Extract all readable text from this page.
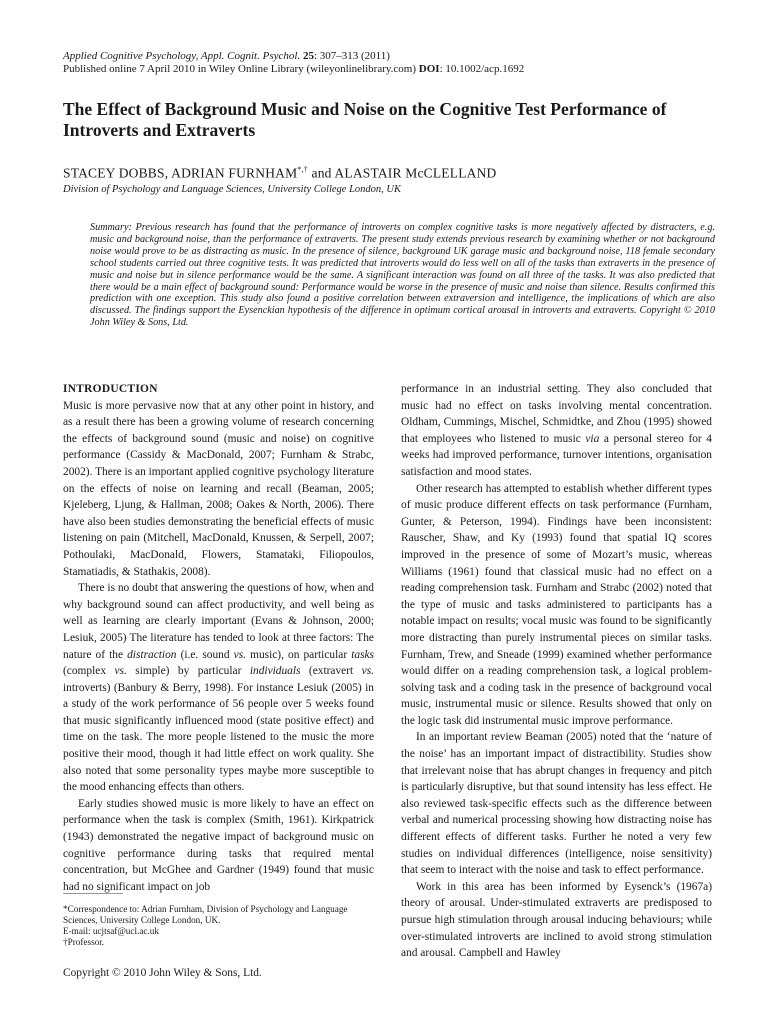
Applied Cognitive Psychology, Appl. Cognit. Psychol. 25: 307–313 (2011)
Published online 7 April 2010 in Wiley Online Library (wileyonlinelibrary.com) DOI: 10.1002/acp.1692
The Effect of Background Music and Noise on the Cognitive Test Performance of Introverts and Extraverts
STACEY DOBBS, ADRIAN FURNHAM*,† and ALASTAIR McCLELLAND
Division of Psychology and Language Sciences, University College London, UK
Summary: Previous research has found that the performance of introverts on complex cognitive tasks is more negatively affected by distracters, e.g. music and background noise, than the performance of extraverts. The present study extends previous research by examining whether or not background noise would prove to be as distracting as music. In the presence of silence, background UK garage music and background noise, 118 female secondary school students carried out three cognitive tests. It was predicted that introverts would do less well on all of the tasks than extraverts in the presence of music and noise but in silence performance would be the same. A significant interaction was found on all three of the tasks. It was also predicted that there would be a main effect of background sound: Performance would be worse in the presence of music and noise than silence. Results confirmed this prediction with one exception. This study also found a positive correlation between extraversion and intelligence, the implications of which are also discussed. The findings support the Eysenckian hypothesis of the difference in optimum cortical arousal in introverts and extraverts. Copyright © 2010 John Wiley & Sons, Ltd.

INTRODUCTION

Music is more pervasive now that at any other point in history, and as a result there has been a growing volume of research concerning the effects of background sound (music and noise) on cognitive performance (Cassidy & MacDonald, 2007; Furnham & Strabc, 2002). There is an important applied cognitive psychology literature on the effects of noise on learning and recall (Beaman, 2005; Kjeleberg, Ljung, & Hallman, 2008; Oakes & North, 2006). There have also been studies demonstrating the beneficial effects of music listening on pain (Mitchell, MacDonald, Knussen, & Serpell, 2007; Pothoulaki, MacDonald, Flowers, Stamataki, Filiopoulos, Stamatiadis, & Stathakis, 2008).

There is no doubt that answering the questions of how, when and why background sound can affect productivity, and well being as well as learning are clearly important (Evans & Johnson, 2000; Lesiuk, 2005) The literature has tended to look at three factors: The nature of the distraction (i.e. sound vs. music), on particular tasks (complex vs. simple) by particular individuals (extravert vs. introverts) (Banbury & Berry, 1998). For instance Lesiuk (2005) in a study of the work performance of 56 people over 5 weeks found that music significantly influenced mood (state positive effect) and time on the task. The more people listened to the music the more positive their mood, though it had little effect on work quality. She also noted that some personality types maybe more susceptible to the mood enhancing effects than others.

Early studies showed music is more likely to have an effect on performance when the task is complex (Smith, 1961). Kirkpatrick (1943) demonstrated the negative impact of background music on cognitive performance during tasks that required mental concentration, but McGhee and Gardner (1949) found that music had no significant impact on job

performance in an industrial setting. They also concluded that music had no effect on tasks involving mental concentration. Oldham, Cummings, Mischel, Schmidtke, and Zhou (1995) showed that employees who listened to music via a personal stereo for 4 weeks had improved performance, turnover intentions, organisation satisfaction and mood states.

Other research has attempted to establish whether different types of music produce different effects on task performance (Furnham, Gunter, & Peterson, 1994). Findings have been inconsistent: Rauscher, Shaw, and Ky (1993) found that spatial IQ scores improved in the presence of some of Mozart’s music, whereas Williams (1961) found that classical music had no effect on a reading comprehension task. Furnham and Strabc (2002) noted that the type of music and tasks administered to participants has a notable impact on results; vocal music was found to be significantly more distracting than purely instrumental pieces on similar tasks. Furnham, Trew, and Sneade (1999) examined whether performance would differ on a reading comprehension task, a logical problem-solving task and a coding task in the presence of background vocal music, instrumental music or silence. Results showed that only on the logic task did instrumental music improve performance.

In an important review Beaman (2005) noted that the ‘nature of the noise’ has an important impact of distractibility. Studies show that irrelevant noise that has abrupt changes in frequency and pitch is particularly disruptive, but that sound intensity has less effect. He also reviewed task-specific effects such as the difference between verbal and numerical processing showing how distracting noise has different effects of different tasks. Further he noted a very few studies on individual differences (intelligence, noise sensitivity) that seem to interact with the noise and task to effect performance.

Work in this area has been informed by Eysenck’s (1967a) theory of arousal. Under-stimulated extraverts are predisposed to pursue high stimulation through arousal inducing behaviours; while over-stimulated introverts are inclined to avoid strong stimulation and arousal. Campbell and Hawley

*Correspondence to: Adrian Furnham, Division of Psychology and Language Sciences, University College London, UK.

E-mail: ucjtsaf@ucl.ac.uk

†Professor.

Copyright © 2010 John Wiley & Sons, Ltd.
